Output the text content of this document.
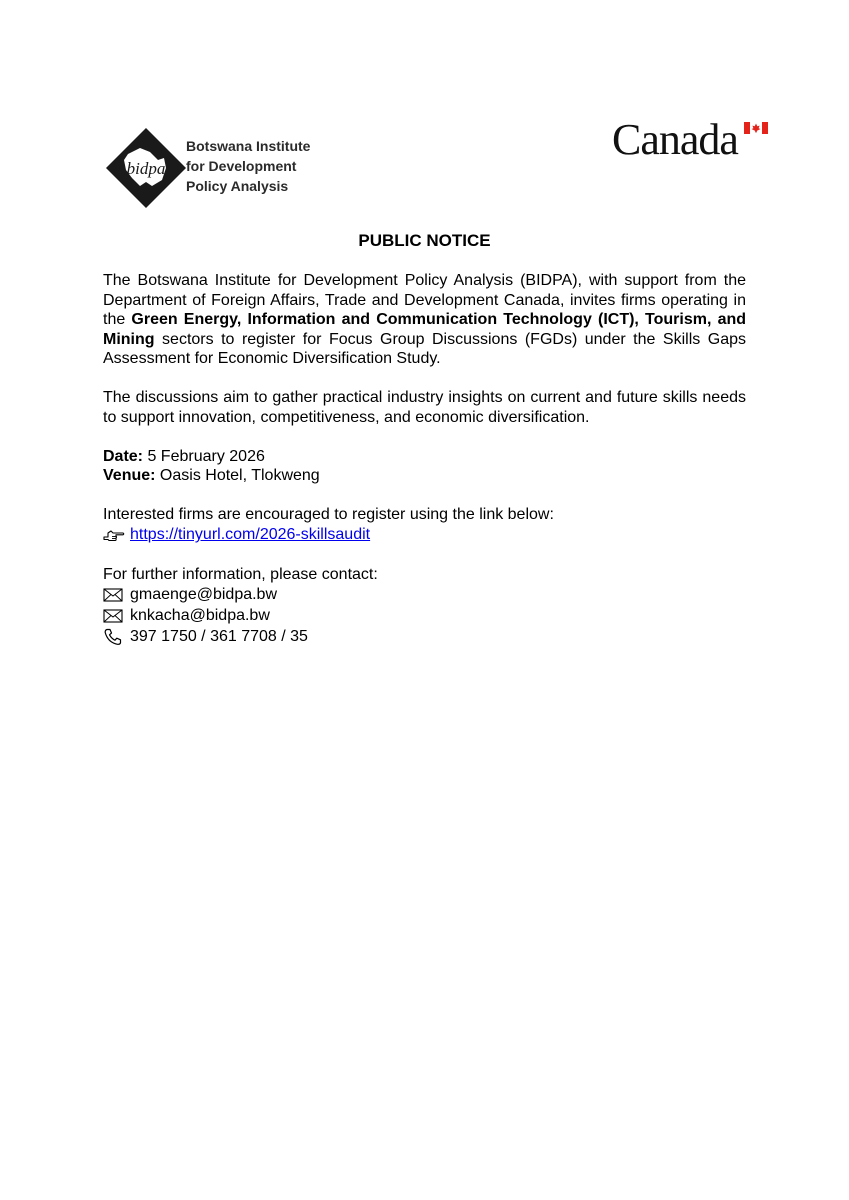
bidpa
Botswana Institute
for Development
Policy Analysis
Canada
PUBLIC NOTICE

The Botswana Institute for Development Policy Analysis (BIDPA), with support from the Department of Foreign Affairs, Trade and Development Canada, invites firms operating in the Green Energy, Information and Communication Technology (ICT), Tourism, and Mining sectors to register for Focus Group Discussions (FGDs) under the Skills Gaps Assessment for Economic Diversification Study.

The discussions aim to gather practical industry insights on current and future skills needs to support innovation, competitiveness, and economic diversification.

Date: 5 February 2026
Venue: Oasis Hotel, Tlokweng
Interested firms are encouraged to register using the link below:
https://tinyurl.com/2026-skillsaudit
For further information, please contact:
gmaenge@bidpa.bw
knkacha@bidpa.bw
397 1750 / 361 7708 / 35
